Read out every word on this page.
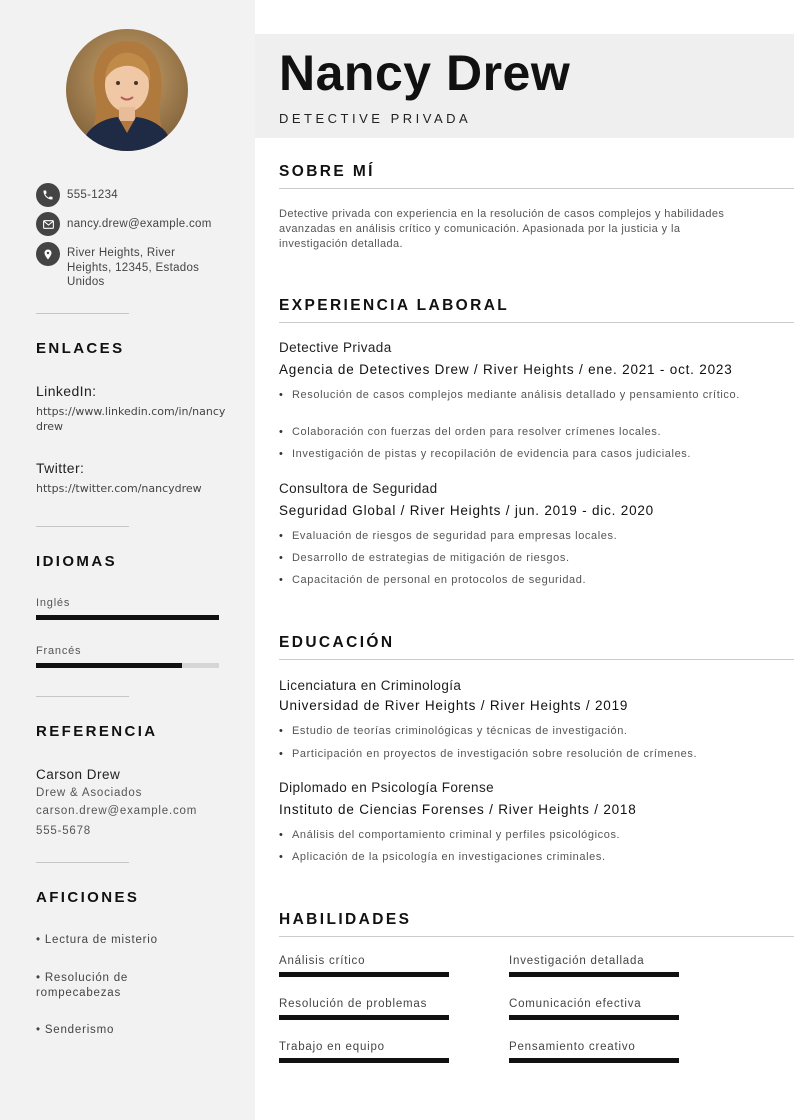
555-1234
nancy.drew@example.com
River Heights, River
Heights, 12345, Estados
Unidos
ENLACES
LinkedIn:
https://www.linkedin.com/in/nancy
drew
Twitter:
https://twitter.com/nancydrew
IDIOMAS
Inglés
Francés
REFERENCIA
Carson Drew
Drew & Asociados
carson.drew@example.com
555-5678
AFICIONES
• Lectura de misterio
• Resolución de rompecabezas
• Senderismo
Nancy Drew
DETECTIVE PRIVADA
SOBRE MÍ
Detective privada con experiencia en la resolución de casos complejos y habilidades avanzadas en análisis crítico y comunicación. Apasionada por la justicia y la investigación detallada.
EXPERIENCIA LABORAL
Detective Privada
Agencia de Detectives Drew / River Heights / ene. 2021 - oct. 2023
• Resolución de casos complejos mediante análisis detallado y pensamiento crítico.
• Colaboración con fuerzas del orden para resolver crímenes locales.
• Investigación de pistas y recopilación de evidencia para casos judiciales.
Consultora de Seguridad
Seguridad Global / River Heights / jun. 2019 - dic. 2020
• Evaluación de riesgos de seguridad para empresas locales.
• Desarrollo de estrategias de mitigación de riesgos.
• Capacitación de personal en protocolos de seguridad.
EDUCACIÓN
Licenciatura en Criminología
Universidad de River Heights / River Heights / 2019
• Estudio de teorías criminológicas y técnicas de investigación.
• Participación en proyectos de investigación sobre resolución de crímenes.
Diplomado en Psicología Forense
Instituto de Ciencias Forenses / River Heights / 2018
• Análisis del comportamiento criminal y perfiles psicológicos.
• Aplicación de la psicología en investigaciones criminales.
HABILIDADES
Análisis crítico	Investigación detallada
Resolución de problemas	Comunicación efectiva
Trabajo en equipo	Pensamiento creativo
